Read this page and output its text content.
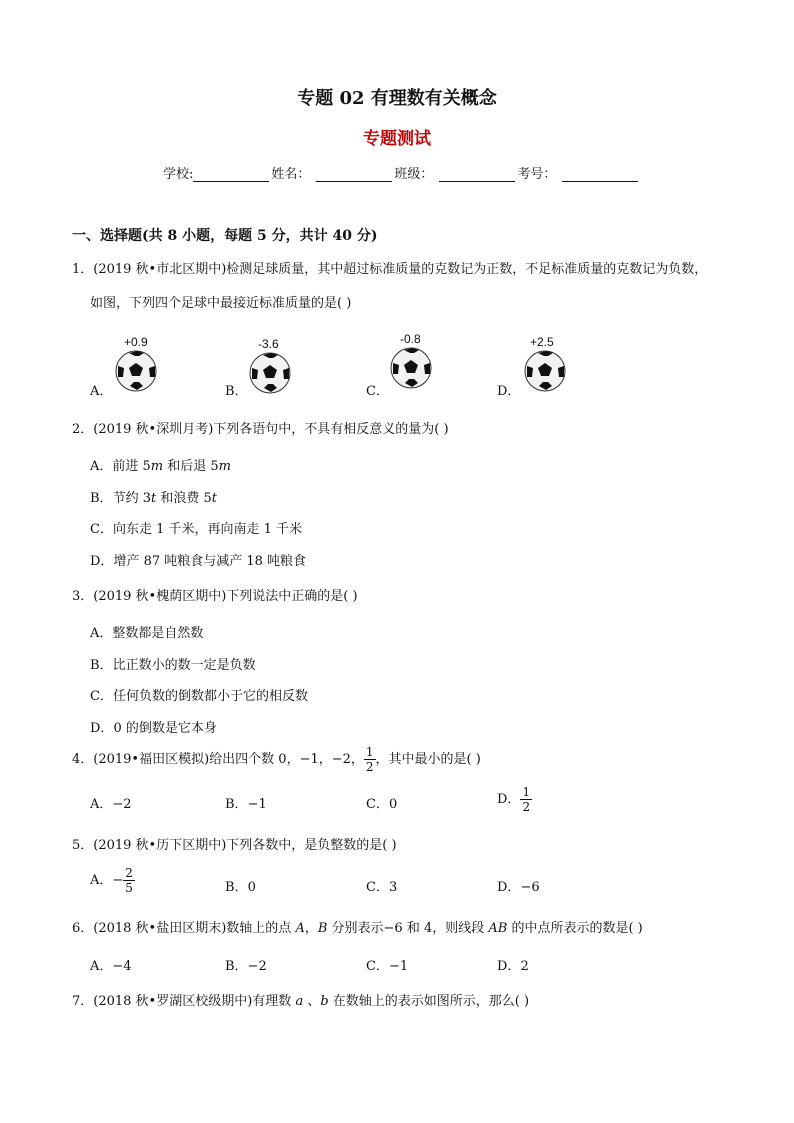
专题 02 有理数有关概念
专题测试
学校:	姓名：	班级：	考号：
一、选择题(共 8 小题，每题 5 分，共计 40 分)
1．(2019 秋•市北区期中)检测足球质量，其中超过标准质量的克数记为正数，不足标准质量的克数记为负数，
如图，下列四个足球中最接近标准质量的是( )
A．
+0.9
B．
-3.6
C．
-0.8
D．
+2.5
2．(2019 秋•深圳月考)下列各语句中，不具有相反意义的量为( )
A．前进 5m 和后退 5m
B．节约 3t 和浪费 5t
C．向东走 1 千米，再向南走 1 千米
D．增产 87 吨粮食与减产 18 吨粮食
3．(2019 秋•槐荫区期中)下列说法中正确的是( )
A．整数都是自然数
B．比正数小的数一定是负数
C．任何负数的倒数都小于它的相反数
D．0 的倒数是它本身
4．(2019•福田区模拟)给出四个数 0，−1，−2， $\frac{1}{2}$ ，其中最小的是( )
A．−2	B．−1	C．0	D． $\frac{1}{2}$
5．(2019 秋•历下区期中)下列各数中，是负整数的是( )
A．− $\frac{2}{5}$	B．0	C．3	D．−6
6．(2018 秋•盐田区期末)数轴上的点 A，B 分别表示−6 和 4，则线段 AB 的中点所表示的数是( )
A．−4	B．−2	C．−1	D．2
7．(2018 秋•罗湖区校级期中)有理数 a 、b 在数轴上的表示如图所示，那么( )
